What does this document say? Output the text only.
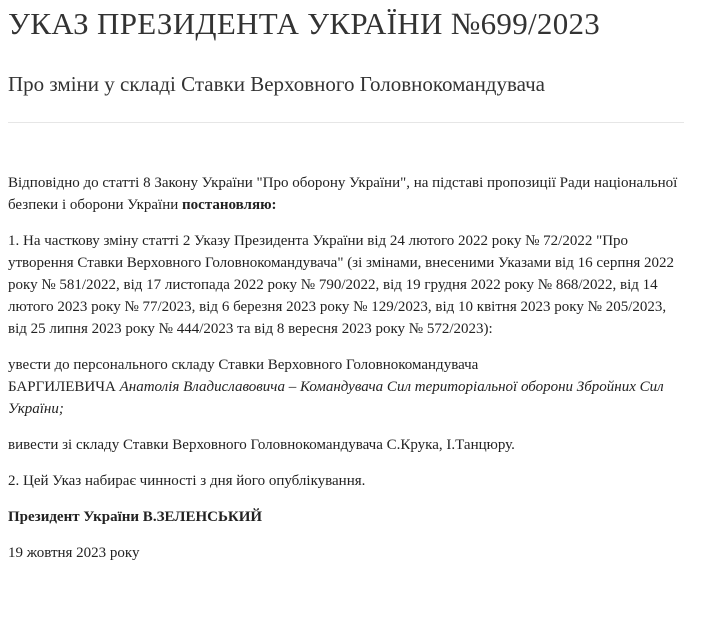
УКАЗ ПРЕЗИДЕНТА УКРАЇНИ №699/2023
Про зміни у складі Ставки Верховного Головнокомандувача

Відповідно до статті 8 Закону України "Про оборону України", на підставі пропозиції Ради національної безпеки і оборони України постановляю:

1. На часткову зміну статті 2 Указу Президента України від 24 лютого 2022 року № 72/2022 "Про утворення Ставки Верховного Головнокомандувача" (зі змінами, внесеними Указами від 16 серпня 2022 року № 581/2022, від 17 листопада 2022 року № 790/2022, від 19 грудня 2022 року № 868/2022, від 14 лютого 2023 року № 77/2023, від 6 березня 2023 року № 129/2023, від 10 квітня 2023 року № 205/2023, від 25 липня 2023 року № 444/2023 та від 8 вересня 2023 року № 572/2023):

увести до персонального складу Ставки Верховного Головнокомандувача
БАРГИЛЕВИЧА Анатолія Владиславовича – Командувача Сил територіальної оборони Збройних Сил України;

вивести зі складу Ставки Верховного Головнокомандувача С.Крука, І.Танцюру.

2. Цей Указ набирає чинності з дня його опублікування.

Президент України В.ЗЕЛЕНСЬКИЙ

19 жовтня 2023 року
